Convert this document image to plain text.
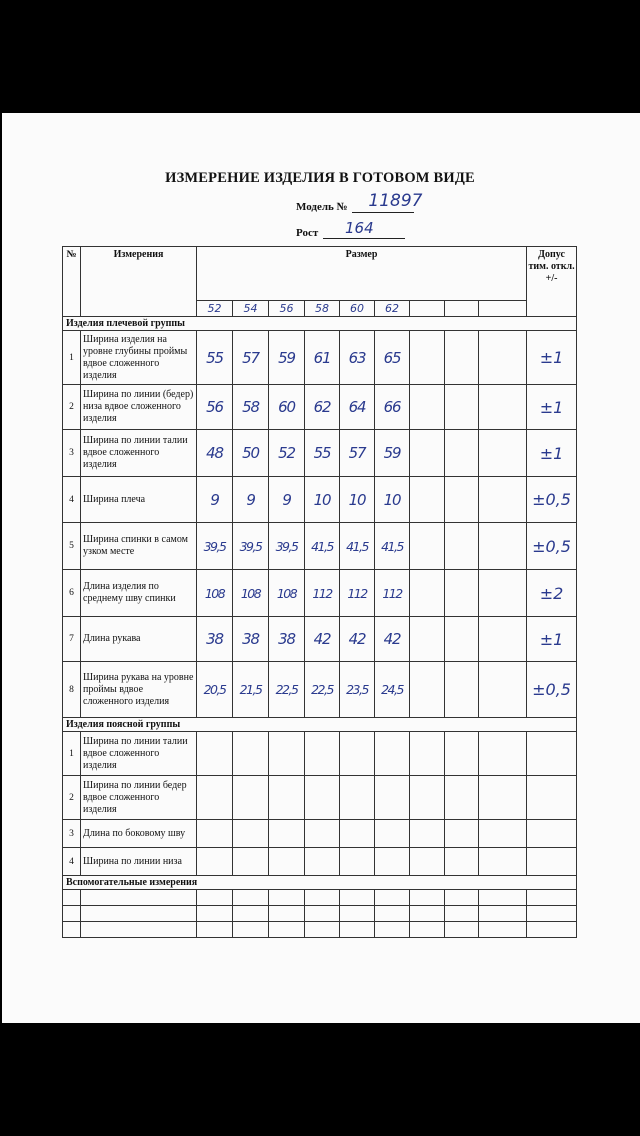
ИЗМЕРЕНИЕ ИЗДЕЛИЯ В ГОТОВОМ ВИДЕ
Модель № 11897
Рост 164
№	Измерения	Размер									Допус тим. откл. +/-
		52	54	56	58	60	62				
Изделия плечевой группы											
1	Ширина изделия на уровне глубины проймы вдвое сложенного изделия	55	57	59	61	63	65				±1
2	Ширина по линии (бедер) низа вдвое сложенного изделия	56	58	60	62	64	66				±1
3	Ширина по линии талии вдвое сложенного изделия	48	50	52	55	57	59				±1
4	Ширина плеча	9	9	9	10	10	10				±0,5
5	Ширина спинки в самом узком месте	39,5	39,5	39,5	41,5	41,5	41,5				±0,5
6	Длина изделия по среднему шву спинки	108	108	108	112	112	112				±2
7	Длина рукава	38	38	38	42	42	42				±1
8	Ширина рукава на уровне проймы вдвое сложенного изделия	20,5	21,5	22,5	22,5	23,5	24,5				±0,5
Изделия поясной группы											
1	Ширина по линии талии вдвое сложенного изделия										
2	Ширина по линии бедер вдвое сложенного изделия										
3	Длина по боковому шву										
4	Ширина по линии низа										
Вспомогательные измерения											
